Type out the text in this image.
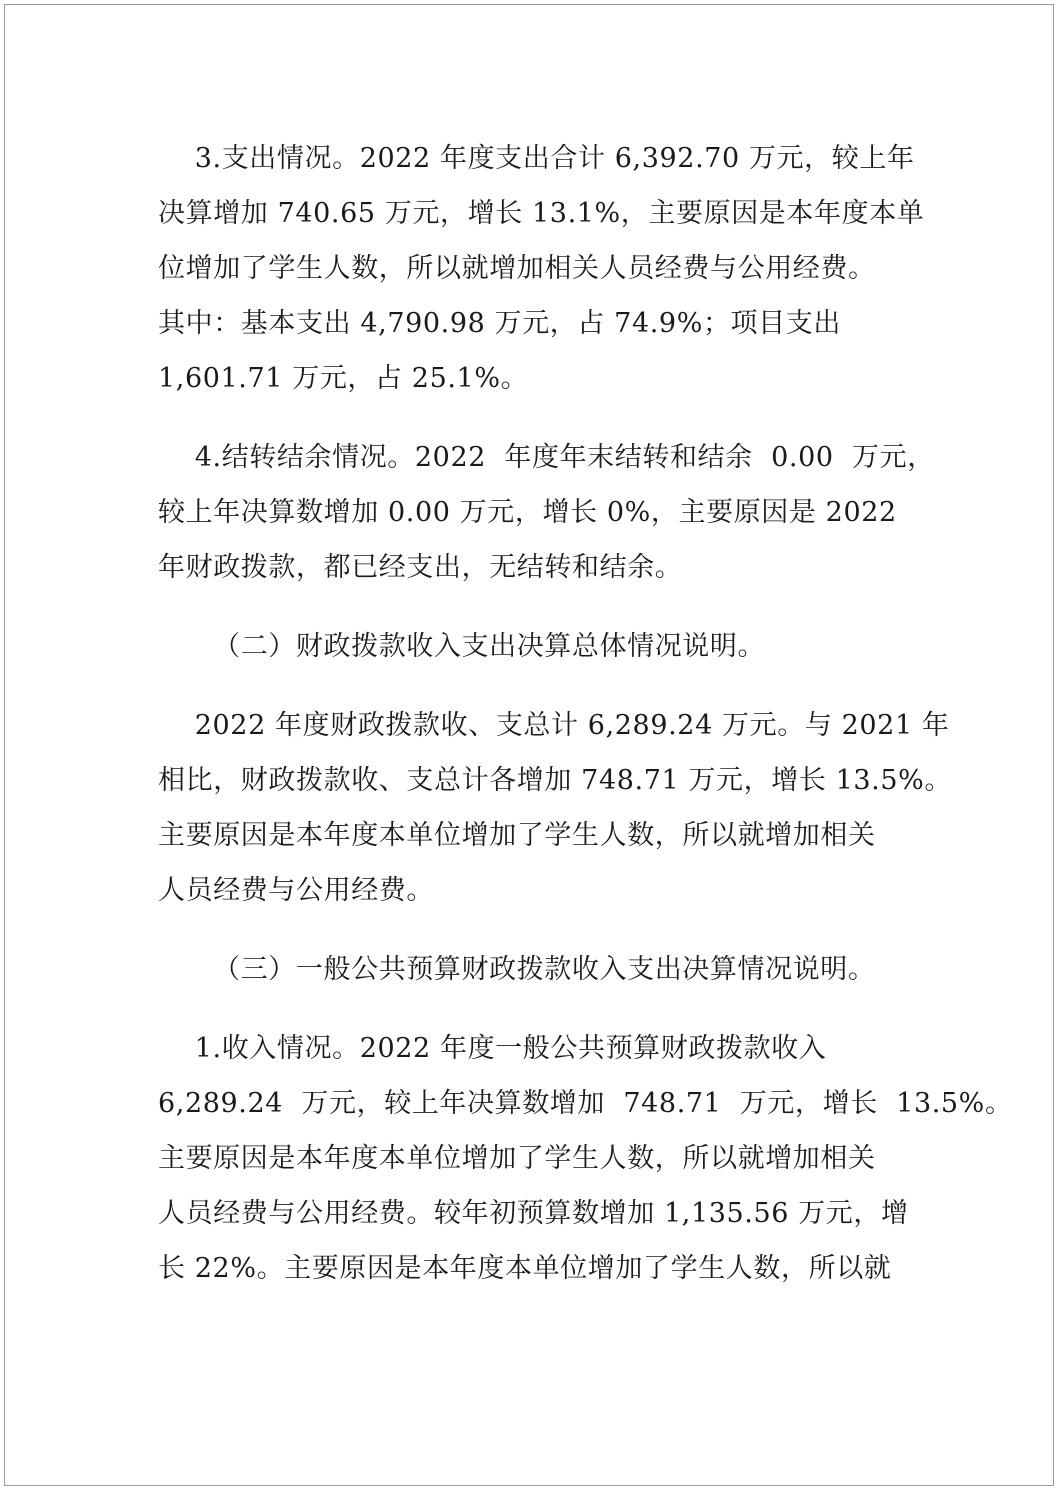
3.支出情况。2022 年度支出合计 6,392.70 万元，较上年
决算增加 740.65 万元，增长 13.1%，主要原因是本年度本单
位增加了学生人数，所以就增加相关人员经费与公用经费。
其中：基本支出 4,790.98 万元，占 74.9%；项目支出
1,601.71 万元，占 25.1%。
4.结转结余情况。2022  年度年末结转和结余  0.00  万元，
较上年决算数增加 0.00 万元，增长 0%，主要原因是 2022
年财政拨款，都已经支出，无结转和结余。
（二）财政拨款收入支出决算总体情况说明。
2022 年度财政拨款收、支总计 6,289.24 万元。与 2021 年
相比，财政拨款收、支总计各增加 748.71 万元，增长 13.5%。
主要原因是本年度本单位增加了学生人数，所以就增加相关
人员经费与公用经费。
（三）一般公共预算财政拨款收入支出决算情况说明。
1.收入情况。2022 年度一般公共预算财政拨款收入
6,289.24  万元，较上年决算数增加  748.71  万元，增长  13.5%。
主要原因是本年度本单位增加了学生人数，所以就增加相关
人员经费与公用经费。较年初预算数增加 1,135.56 万元，增
长 22%。主要原因是本年度本单位增加了学生人数，所以就
